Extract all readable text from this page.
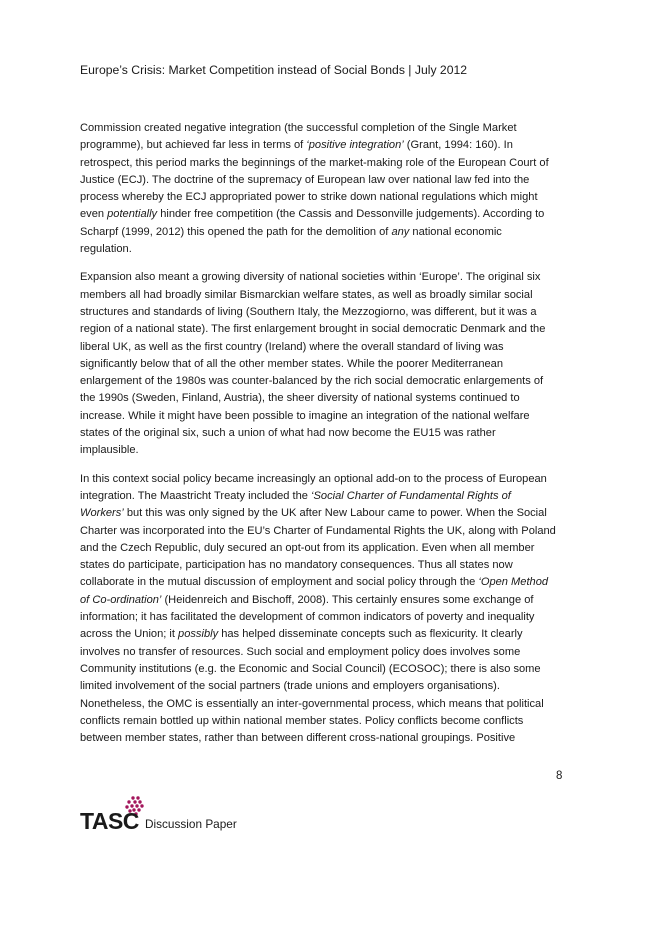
Europe’s Crisis: Market Competition instead of Social Bonds | July 2012
Commission created negative integration (the successful completion of the Single Market
programme), but achieved far less in terms of ‘positive integration’ (Grant, 1994: 160). In
retrospect, this period marks the beginnings of the market-making role of the European Court of
Justice (ECJ). The doctrine of the supremacy of European law over national law fed into the
process whereby the ECJ appropriated power to strike down national regulations which might
even potentially hinder free competition (the Cassis and Dessonville judgements). According to
Scharpf (1999, 2012) this opened the path for the demolition of any national economic
regulation.
Expansion also meant a growing diversity of national societies within ‘Europe’. The original six
members all had broadly similar Bismarckian welfare states, as well as broadly similar social
structures and standards of living (Southern Italy, the Mezzogiorno, was different, but it was a
region of a national state). The first enlargement brought in social democratic Denmark and the
liberal UK, as well as the first country (Ireland) where the overall standard of living was
significantly below that of all the other member states. While the poorer Mediterranean
enlargement of the 1980s was counter-balanced by the rich social democratic enlargements of
the 1990s (Sweden, Finland, Austria), the sheer diversity of national systems continued to
increase. While it might have been possible to imagine an integration of the national welfare
states of the original six, such a union of what had now become the EU15 was rather
implausible.
In this context social policy became increasingly an optional add-on to the process of European
integration. The Maastricht Treaty included the ‘Social Charter of Fundamental Rights of
Workers’ but this was only signed by the UK after New Labour came to power. When the Social
Charter was incorporated into the EU’s Charter of Fundamental Rights the UK, along with Poland
and the Czech Republic, duly secured an opt-out from its application. Even when all member
states do participate, participation has no mandatory consequences. Thus all states now
collaborate in the mutual discussion of employment and social policy through the ‘Open Method
of Co-ordination’ (Heidenreich and Bischoff, 2008). This certainly ensures some exchange of
information; it has facilitated the development of common indicators of poverty and inequality
across the Union; it possibly has helped disseminate concepts such as flexicurity. It clearly
involves no transfer of resources. Such social and employment policy does involves some
Community institutions (e.g. the Economic and Social Council) (ECOSOC); there is also some
limited involvement of the social partners (trade unions and employers organisations).
Nonetheless, the OMC is essentially an inter-governmental process, which means that political
conflicts remain bottled up within national member states. Policy conflicts become conflicts
between member states, rather than between different cross-national groupings. Positive
8
TASC Discussion Paper
